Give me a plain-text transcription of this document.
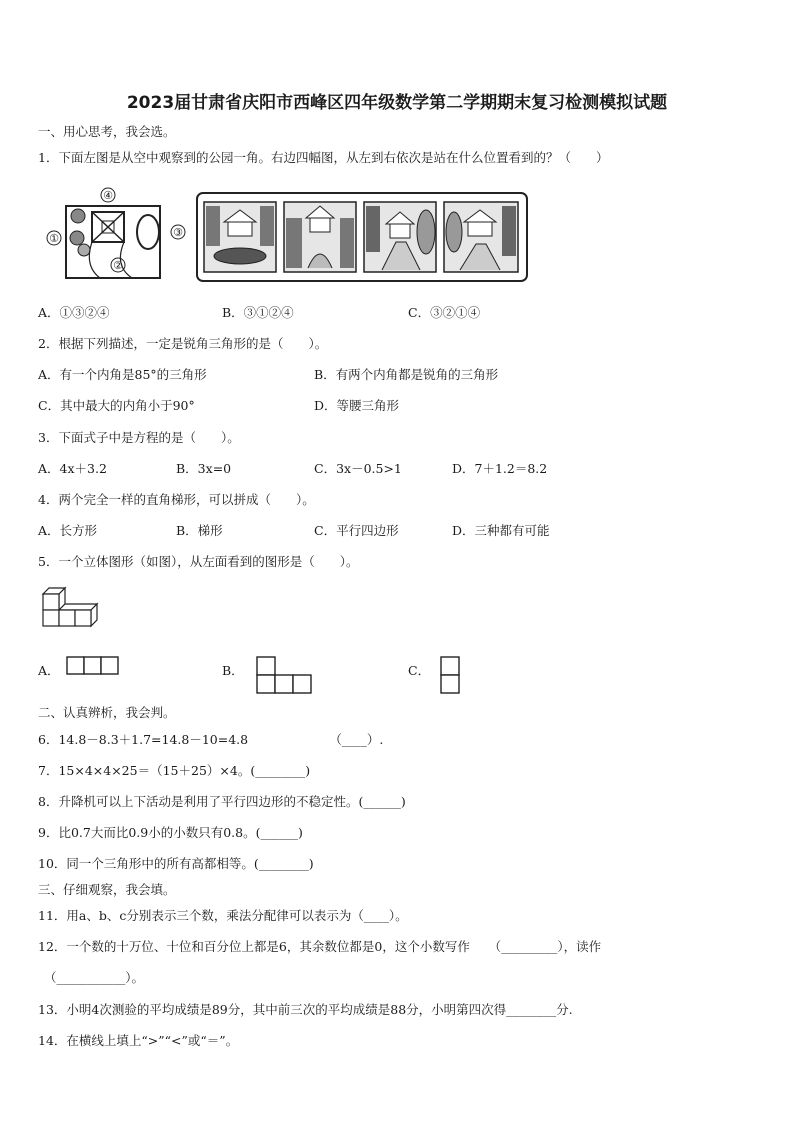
2023届甘肃省庆阳市西峰区四年级数学第二学期期末复习检测模拟试题
一、用心思考，我会选。
1．下面左图是从空中观察到的公园一角。右边四幅图，从左到右依次是站在什么位置看到的？（　　）
④
①	③
②
A．①③②④	B．③①②④	C．③②①④
2．根据下列描述，一定是锐角三角形的是（　　）。
A．有一个内角是85°的三角形	B．有两个内角都是锐角的三角形
C．其中最大的内角小于90°	D．等腰三角形
3．下面式子中是方程的是（　　）。
A．4x＋3.2	B．3x=0	C．3x－0.5>1	D．7＋1.2＝8.2
4．两个完全一样的直角梯形，可以拼成（　　）。
A．长方形	B．梯形	C．平行四边形	D．三种都有可能
5．一个立体图形（如图），从左面看到的图形是（　　）。
A．	B．	C．
二、认真辨析，我会判。
6．14.8－8.3＋1.7=14.8－10=4.8　　　　　　　（____）.
7．15×4×4×25＝（15＋25）×4。(________)
8．升降机可以上下活动是利用了平行四边形的不稳定性。(______)
9．比0.7大而比0.9小的小数只有0.8。(______)
10．同一个三角形中的所有高都相等。(________)
三、仔细观察，我会填。
11．用a、b、c分别表示三个数，乘法分配律可以表示为（____）。
12．一个数的十万位、十位和百分位上都是6，其余数位都是0，这个小数写作　　（_________），读作
（___________）。
13．小明4次测验的平均成绩是89分，其中前三次的平均成绩是88分，小明第四次得________分.
14．在横线上填上“>”“<”或“＝”。
